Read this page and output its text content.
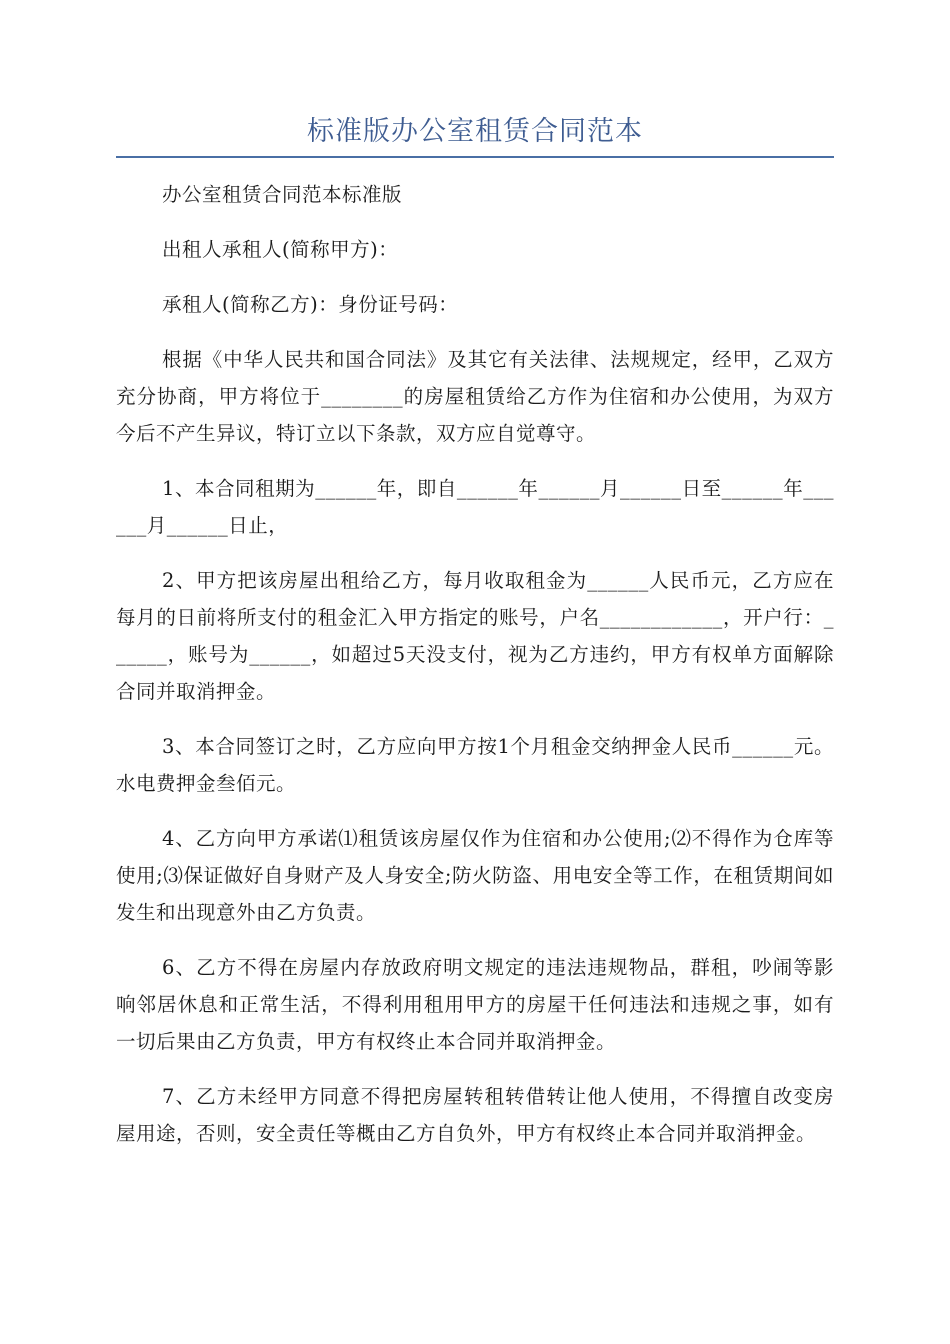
标准版办公室租赁合同范本

办公室租赁合同范本标准版

出租人承租人(简称甲方)：

承租人(简称乙方)：身份证号码：

根据《中华人民共和国合同法》及其它有关法律、法规规定，经甲，乙双方充分协商，甲方将位于________的房屋租赁给乙方作为住宿和办公使用，为双方今后不产生异议，特订立以下条款，双方应自觉尊守。

1、本合同租期为______年，即自______年______月______日至______年______月______日止，

2、甲方把该房屋出租给乙方，每月收取租金为______人民币元，乙方应在每月的日前将所支付的租金汇入甲方指定的账号，户名____________，开户行：______，账号为______，如超过5天没支付，视为乙方违约，甲方有权单方面解除合同并取消押金。

3、本合同签订之时，乙方应向甲方按1个月租金交纳押金人民币______元。水电费押金叁佰元。

4、乙方向甲方承诺⑴租赁该房屋仅作为住宿和办公使用;⑵不得作为仓库等使用;⑶保证做好自身财产及人身安全;防火防盗、用电安全等工作，在租赁期间如发生和出现意外由乙方负责。

6、乙方不得在房屋内存放政府明文规定的违法违规物品，群租，吵闹等影响邻居休息和正常生活，不得利用租用甲方的房屋干任何违法和违规之事，如有一切后果由乙方负责，甲方有权终止本合同并取消押金。

7、乙方未经甲方同意不得把房屋转租转借转让他人使用，不得擅自改变房屋用途，否则，安全责任等概由乙方自负外，甲方有权终止本合同并取消押金。
